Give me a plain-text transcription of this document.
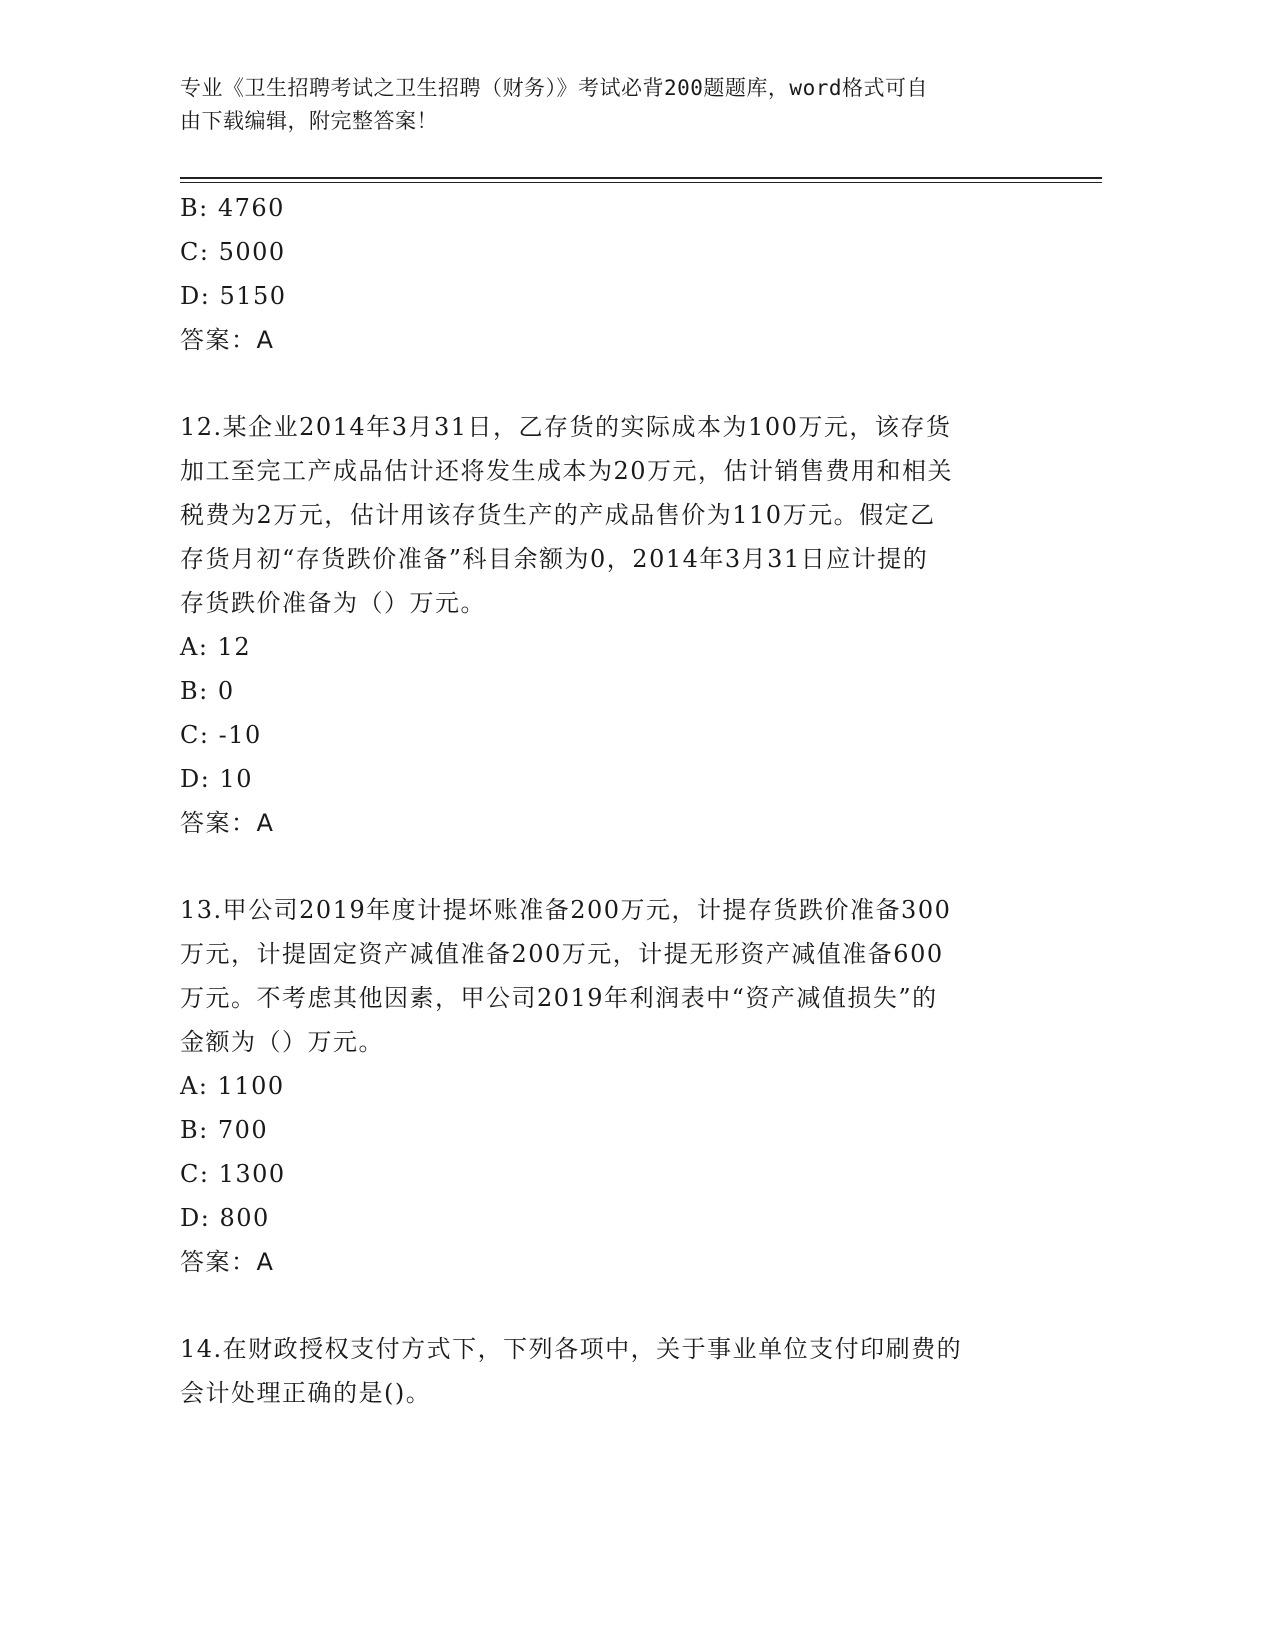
专业《卫生招聘考试之卫生招聘（财务）》考试必背200题题库，word格式可自
由下载编辑，附完整答案！
B: 4760
C: 5000
D: 5150
答案：A
12.某企业2014年3月31日，乙存货的实际成本为100万元，该存货
加工至完工产成品估计还将发生成本为20万元，估计销售费用和相关
税费为2万元，估计用该存货生产的产成品售价为110万元。假定乙
存货月初“存货跌价准备”科目余额为0，2014年3月31日应计提的
存货跌价准备为（）万元。
A: 12
B: 0
C: -10
D: 10
答案：A
13.甲公司2019年度计提坏账准备200万元，计提存货跌价准备300
万元，计提固定资产减值准备200万元，计提无形资产减值准备600
万元。不考虑其他因素，甲公司2019年利润表中“资产减值损失”的
金额为（）万元。
A: 1100
B: 700
C: 1300
D: 800
答案：A
14.在财政授权支付方式下，下列各项中，关于事业单位支付印刷费的
会计处理正确的是()。
